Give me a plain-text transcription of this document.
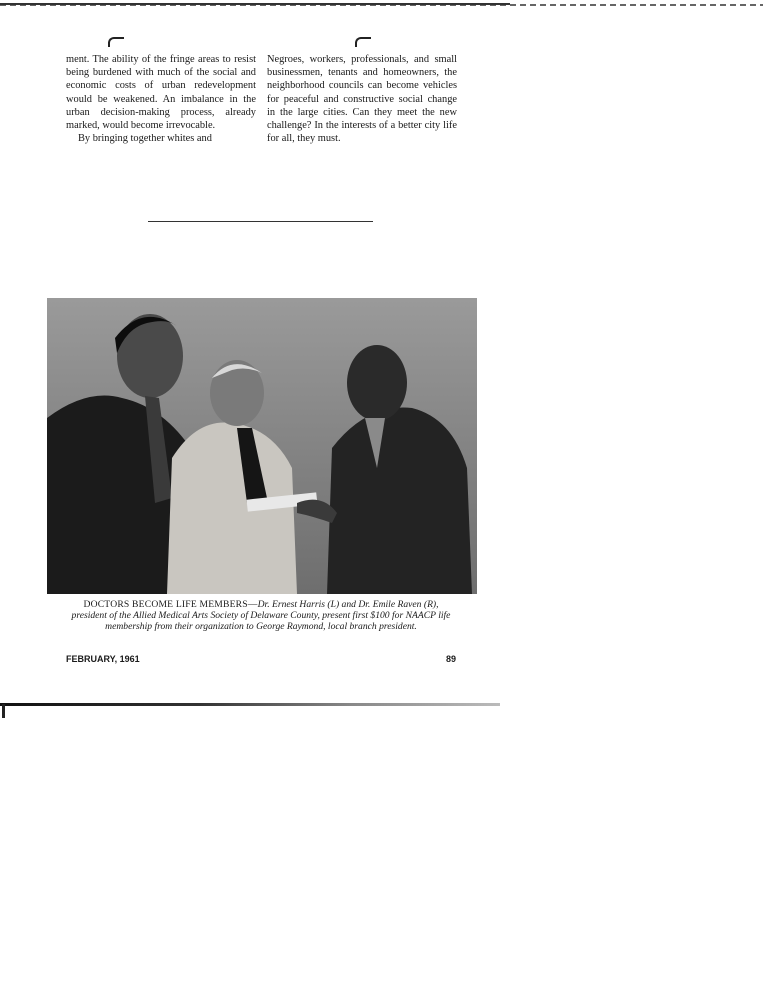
ment. The ability of the fringe areas to resist being burdened with much of the social and economic costs of urban redevelopment would be weakened. An imbalance in the urban decision-making process, already marked, would become irrevocable.

By bringing together whites and

Negroes, workers, professionals, and small businessmen, tenants and homeowners, the neighborhood councils can become vehicles for peaceful and constructive social change in the large cities. Can they meet the new challenge? In the interests of a better city life for all, they must.

DOCTORS BECOME LIFE MEMBERS—Dr. Ernest Harris (L) and Dr. Emile Raven (R), president of the Allied Medical Arts Society of Delaware County, present first $100 for NAACP life membership from their organization to George Raymond, local branch president.
FEBRUARY, 1961	89
